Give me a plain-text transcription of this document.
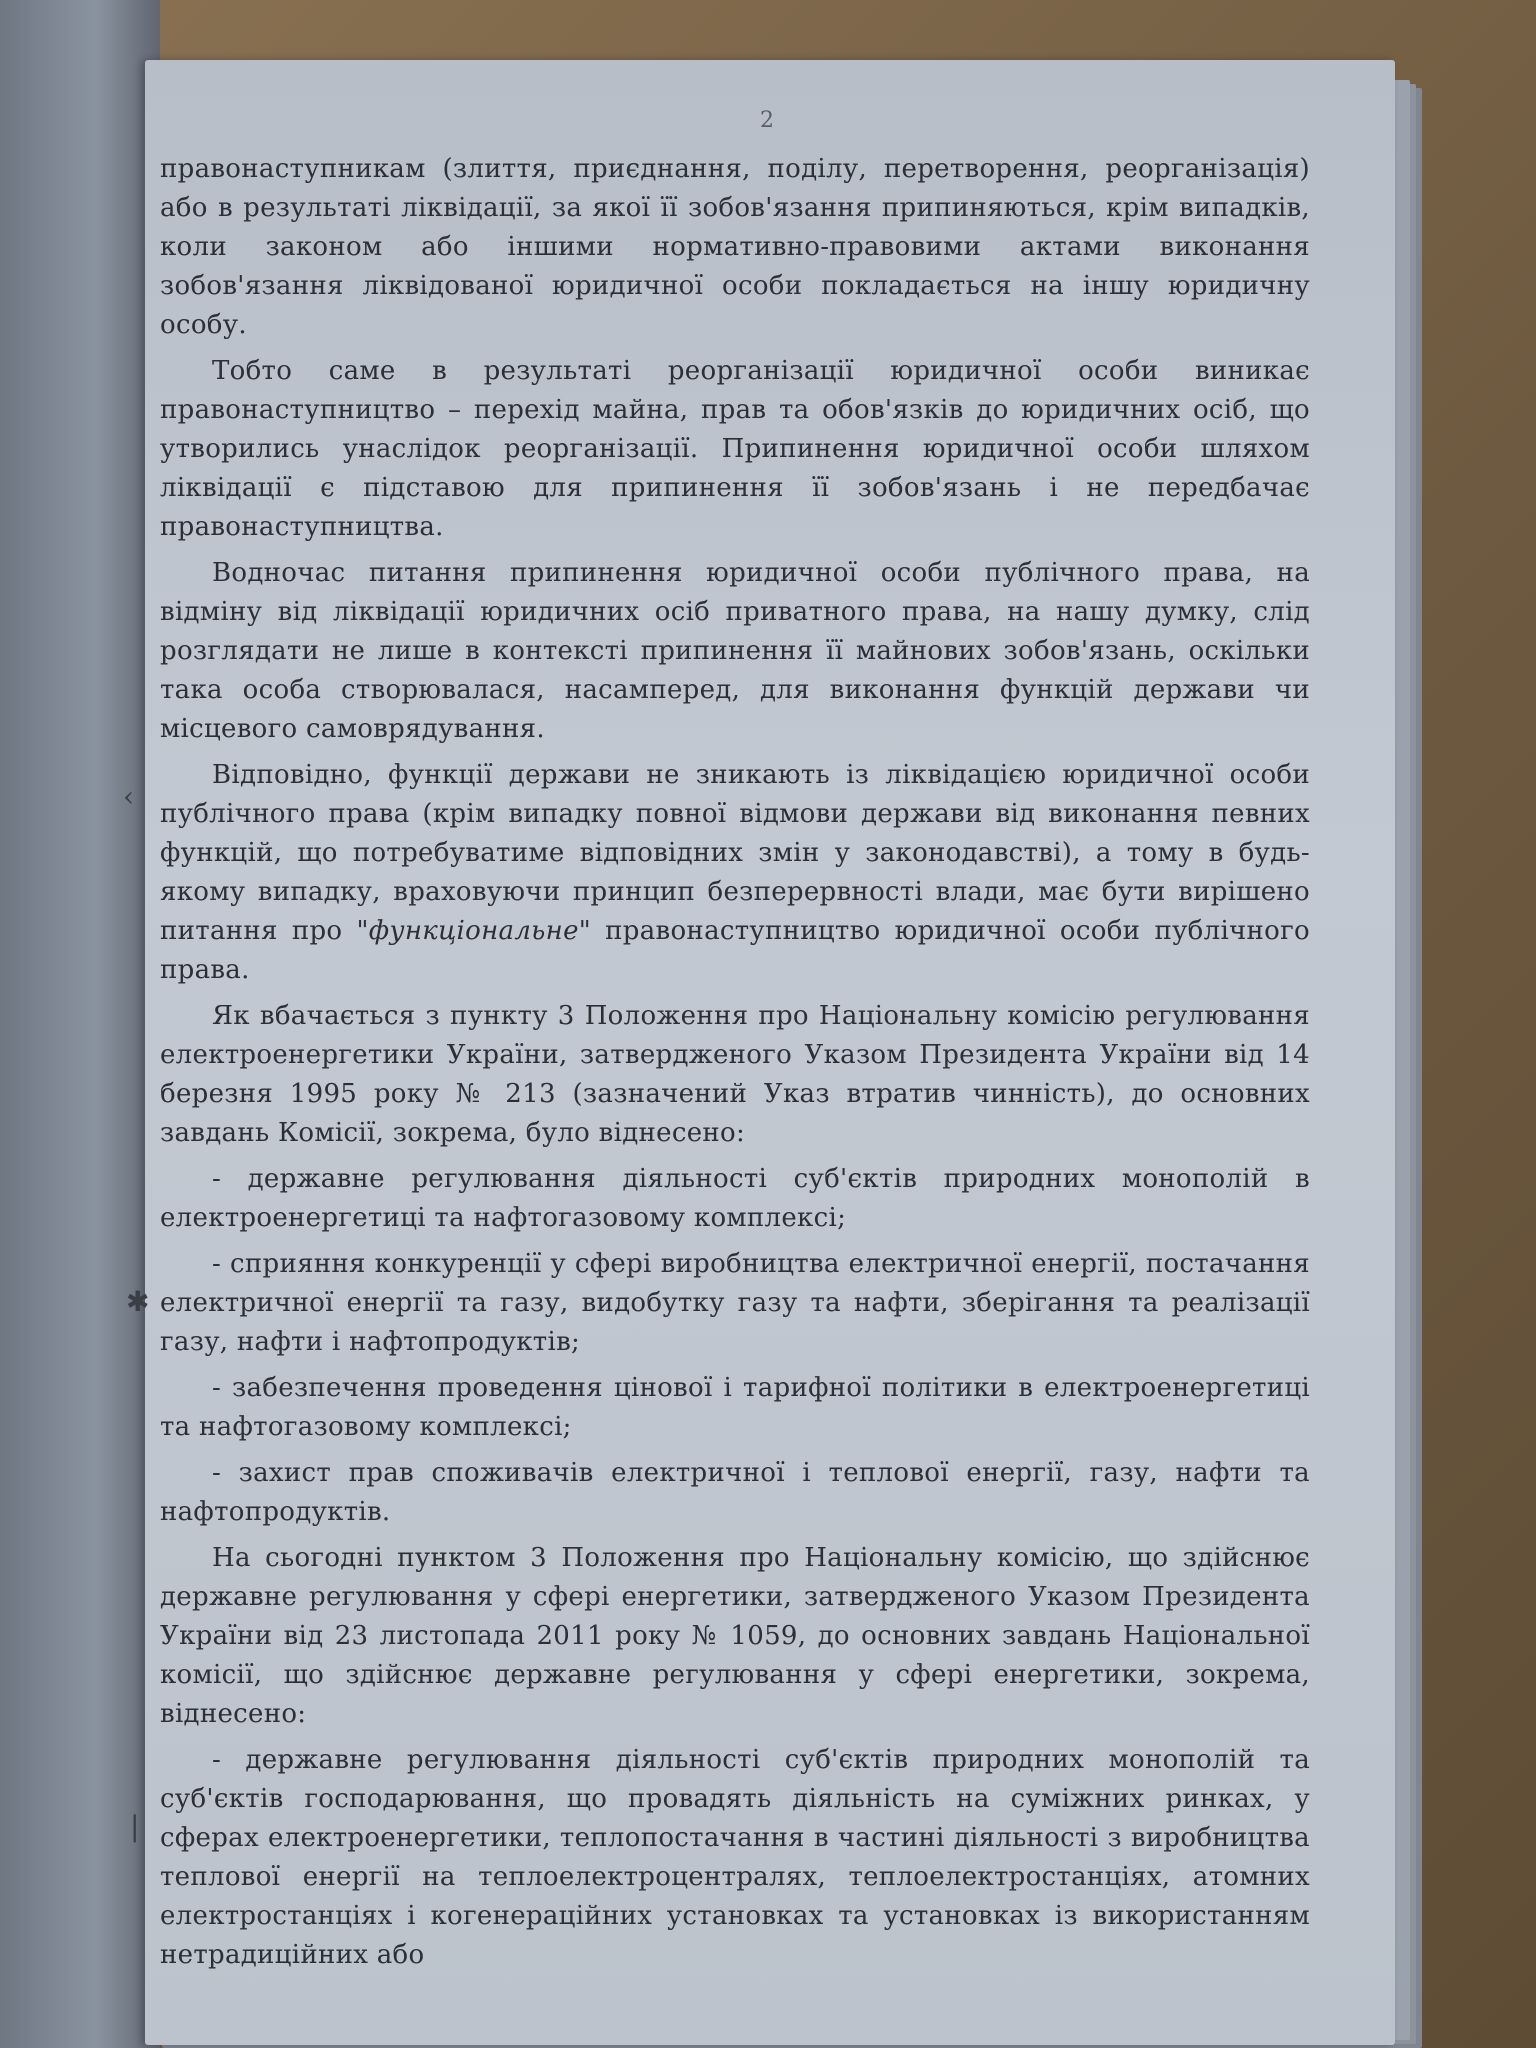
2
‹
✱
|

правонаступникам (злиття, приєднання, поділу, перетворення, реорганізація) або в результаті ліквідації, за якої її зобов'язання припиняються, крім випадків, коли законом або іншими нормативно-правовими актами виконання зобов'язання ліквідованої юридичної особи покладається на іншу юридичну особу.

Тобто саме в результаті реорганізації юридичної особи виникає правонаступництво – перехід майна, прав та обов'язків до юридичних осіб, що утворились унаслідок реорганізації. Припинення юридичної особи шляхом ліквідації є підставою для припинення її зобов'язань і не передбачає правонаступництва.

Водночас питання припинення юридичної особи публічного права, на відміну від ліквідації юридичних осіб приватного права, на нашу думку, слід розглядати не лише в контексті припинення її майнових зобов'язань, оскільки така особа створювалася, насамперед, для виконання функцій держави чи місцевого самоврядування.

Відповідно, функції держави не зникають із ліквідацією юридичної особи публічного права (крім випадку повної відмови держави від виконання певних функцій, що потребуватиме відповідних змін у законодавстві), а тому в будь-якому випадку, враховуючи принцип безперервності влади, має бути вирішено питання про "функціональне" правонаступництво юридичної особи публічного права.

Як вбачається з пункту 3 Положення про Національну комісію регулювання електроенергетики України, затвердженого Указом Президента України від 14 березня 1995 року № 213 (зазначений Указ втратив чинність), до основних завдань Комісії, зокрема, було віднесено:

- державне регулювання діяльності суб'єктів природних монополій в електроенергетиці та нафтогазовому комплексі;

- сприяння конкуренції у сфері виробництва електричної енергії, постачання електричної енергії та газу, видобутку газу та нафти, зберігання та реалізації газу, нафти і нафтопродуктів;

- забезпечення проведення цінової і тарифної політики в електроенергетиці та нафтогазовому комплексі;

- захист прав споживачів електричної і теплової енергії, газу, нафти та нафтопродуктів.

На сьогодні пунктом 3 Положення про Національну комісію, що здійснює державне регулювання у сфері енергетики, затвердженого Указом Президента України від 23 листопада 2011 року № 1059, до основних завдань Національної комісії, що здійснює державне регулювання у сфері енергетики, зокрема, віднесено:

- державне регулювання діяльності суб'єктів природних монополій та суб'єктів господарювання, що провадять діяльність на суміжних ринках, у сферах електроенергетики, теплопостачання в частині діяльності з виробництва теплової енергії на теплоелектроцентралях, теплоелектростанціях, атомних електростанціях і когенераційних установках та установках із використанням нетрадиційних або
